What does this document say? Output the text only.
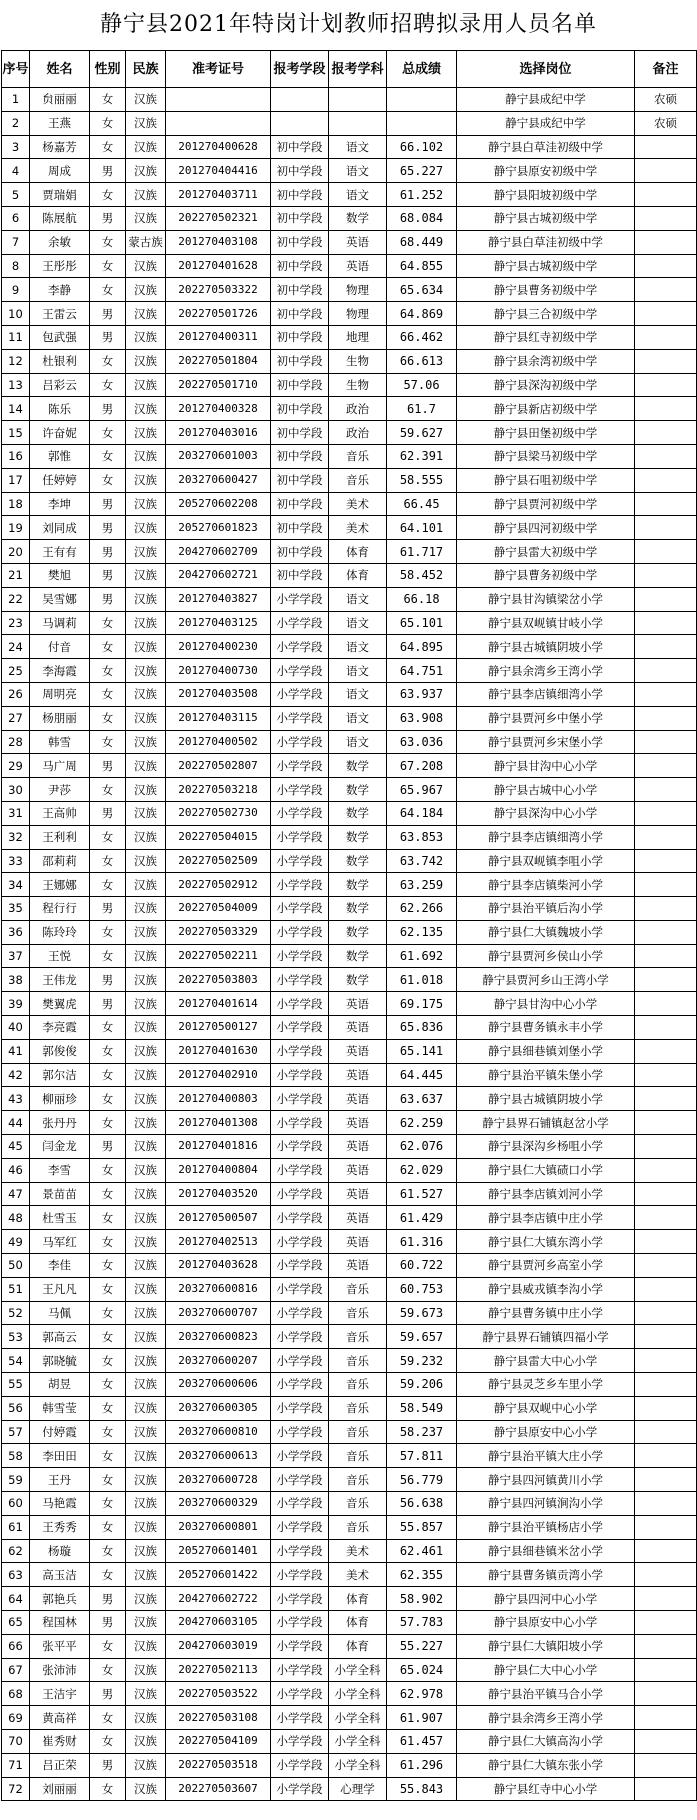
静宁县2021年特岗计划教师招聘拟录用人员名单
序号	姓名	性别	民族	准考证号	报考学段	报考学科	总成绩	选择岗位	备注
1	贠丽丽	女	汉族					静宁县成纪中学	农硕
2	王燕	女	汉族					静宁县成纪中学	农硕
3	杨嘉芳	女	汉族	201270400628	初中学段	语文	66.102	静宁县白草洼初级中学	
4	周成	男	汉族	201270404416	初中学段	语文	65.227	静宁县原安初级中学	
5	贾瑞娟	女	汉族	201270403711	初中学段	语文	61.252	静宁县阳坡初级中学	
6	陈展航	男	汉族	202270502321	初中学段	数学	68.084	静宁县古城初级中学	
7	余敏	女	蒙古族	201270403108	初中学段	英语	68.449	静宁县白草洼初级中学	
8	王彤彤	女	汉族	201270401628	初中学段	英语	64.855	静宁县古城初级中学	
9	李静	女	汉族	202270503322	初中学段	物理	65.634	静宁县曹务初级中学	
10	王雷云	男	汉族	202270501726	初中学段	物理	64.869	静宁县三合初级中学	
11	包武强	男	汉族	201270400311	初中学段	地理	66.462	静宁县红寺初级中学	
12	杜银利	女	汉族	202270501804	初中学段	生物	66.613	静宁县余湾初级中学	
13	吕彩云	女	汉族	202270501710	初中学段	生物	57.06	静宁县深沟初级中学	
14	陈乐	男	汉族	201270400328	初中学段	政治	61.7	静宁县新店初级中学	
15	许奋妮	女	汉族	201270403016	初中学段	政治	59.627	静宁县田堡初级中学	
16	郭惟	女	汉族	203270601003	初中学段	音乐	62.391	静宁县梁马初级中学	
17	任婷婷	女	汉族	203270600427	初中学段	音乐	58.555	静宁县石咀初级中学	
18	李坤	男	汉族	205270602208	初中学段	美术	66.45	静宁县贾河初级中学	
19	刘同成	男	汉族	205270601823	初中学段	美术	64.101	静宁县四河初级中学	
20	王有有	男	汉族	204270602709	初中学段	体育	61.717	静宁县雷大初级中学	
21	樊旭	男	汉族	204270602721	初中学段	体育	58.452	静宁县曹务初级中学	
22	吴雪娜	男	汉族	201270403827	小学学段	语文	66.18	静宁县甘沟镇梁岔小学	
23	马调莉	女	汉族	201270403125	小学学段	语文	65.101	静宁县双岘镇甘岐小学	
24	付音	女	汉族	201270400230	小学学段	语文	64.895	静宁县古城镇阴坡小学	
25	李海霞	女	汉族	201270400730	小学学段	语文	64.751	静宁县余湾乡王湾小学	
26	周明亮	女	汉族	201270403508	小学学段	语文	63.937	静宁县李店镇细湾小学	
27	杨朋丽	女	汉族	201270403115	小学学段	语文	63.908	静宁县贾河乡中堡小学	
28	韩雪	女	汉族	201270400502	小学学段	语文	63.036	静宁县贾河乡宋堡小学	
29	马广周	男	汉族	202270502807	小学学段	数学	67.208	静宁县甘沟中心小学	
30	尹莎	女	汉族	202270503218	小学学段	数学	65.967	静宁县古城中心小学	
31	王高帅	男	汉族	202270502730	小学学段	数学	64.184	静宁县深沟中心小学	
32	王利利	女	汉族	202270504015	小学学段	数学	63.853	静宁县李店镇细湾小学	
33	邵莉莉	女	汉族	202270502509	小学学段	数学	63.742	静宁县双岘镇李咀小学	
34	王娜娜	女	汉族	202270502912	小学学段	数学	63.259	静宁县李店镇柴河小学	
35	程行行	男	汉族	202270504009	小学学段	数学	62.266	静宁县治平镇后沟小学	
36	陈玲玲	女	汉族	202270503329	小学学段	数学	62.135	静宁县仁大镇魏坡小学	
37	王悦	女	汉族	202270502211	小学学段	数学	61.692	静宁县贾河乡侯山小学	
38	王伟龙	男	汉族	202270503803	小学学段	数学	61.018	静宁县贾河乡山王湾小学	
39	樊翼虎	男	汉族	201270401614	小学学段	英语	69.175	静宁县甘沟中心小学	
40	李亮霞	女	汉族	201270500127	小学学段	英语	65.836	静宁县曹务镇永丰小学	
41	郭俊俊	女	汉族	201270401630	小学学段	英语	65.141	静宁县细巷镇刘堡小学	
42	郭尔洁	女	汉族	201270402910	小学学段	英语	64.445	静宁县治平镇朱堡小学	
43	柳丽珍	女	汉族	201270400803	小学学段	英语	63.637	静宁县古城镇阴坡小学	
44	张丹丹	女	汉族	201270401308	小学学段	英语	62.259	静宁县界石铺镇赵岔小学	
45	闫金龙	男	汉族	201270401816	小学学段	英语	62.076	静宁县深沟乡杨咀小学	
46	李雪	女	汉族	201270400804	小学学段	英语	62.029	静宁县仁大镇碛口小学	
47	景苗苗	女	汉族	201270403520	小学学段	英语	61.527	静宁县李店镇刘河小学	
48	杜雪玉	女	汉族	201270500507	小学学段	英语	61.429	静宁县李店镇中庄小学	
49	马军红	女	汉族	201270402513	小学学段	英语	61.316	静宁县仁大镇东湾小学	
50	李佳	女	汉族	201270403628	小学学段	英语	60.722	静宁县贾河乡高室小学	
51	王凡凡	女	汉族	203270600816	小学学段	音乐	60.753	静宁县威戎镇李沟小学	
52	马佩	女	汉族	203270600707	小学学段	音乐	59.673	静宁县曹务镇中庄小学	
53	郭高云	女	汉族	203270600823	小学学段	音乐	59.657	静宁县界石铺镇四福小学	
54	郭晓毓	女	汉族	203270600207	小学学段	音乐	59.232	静宁县雷大中心小学	
55	胡昱	女	汉族	203270600606	小学学段	音乐	59.206	静宁县灵芝乡车里小学	
56	韩雪莹	女	汉族	203270600305	小学学段	音乐	58.549	静宁县双岘中心小学	
57	付婷霞	女	汉族	203270600810	小学学段	音乐	58.237	静宁县原安中心小学	
58	李田田	女	汉族	203270600613	小学学段	音乐	57.811	静宁县治平镇大庄小学	
59	王丹	女	汉族	203270600728	小学学段	音乐	56.779	静宁县四河镇黄川小学	
60	马艳霞	女	汉族	203270600329	小学学段	音乐	56.638	静宁县四河镇涧沟小学	
61	王秀秀	女	汉族	203270600801	小学学段	音乐	55.857	静宁县治平镇杨店小学	
62	杨璇	女	汉族	205270601401	小学学段	美术	62.461	静宁县细巷镇米岔小学	
63	高玉洁	女	汉族	205270601422	小学学段	美术	62.355	静宁县曹务镇贡湾小学	
64	郭艳兵	男	汉族	204270602722	小学学段	体育	58.902	静宁县四河中心小学	
65	程国林	男	汉族	204270603105	小学学段	体育	57.783	静宁县原安中心小学	
66	张平平	女	汉族	204270603019	小学学段	体育	55.227	静宁县仁大镇阳坡小学	
67	张沛沛	女	汉族	202270502113	小学学段	小学全科	65.024	静宁县仁大中心小学	
68	王洁宇	男	汉族	202270503522	小学学段	小学全科	62.978	静宁县治平镇马合小学	
69	黄高祥	女	汉族	202270503108	小学学段	小学全科	61.907	静宁县余湾乡王湾小学	
70	崔秀财	女	汉族	202270504109	小学学段	小学全科	61.457	静宁县仁大镇高沟小学	
71	吕正荣	男	汉族	202270503518	小学学段	小学全科	61.296	静宁县仁大镇东张小学	
72	刘丽丽	女	汉族	202270503607	小学学段	心理学	55.843	静宁县红寺中心小学	
